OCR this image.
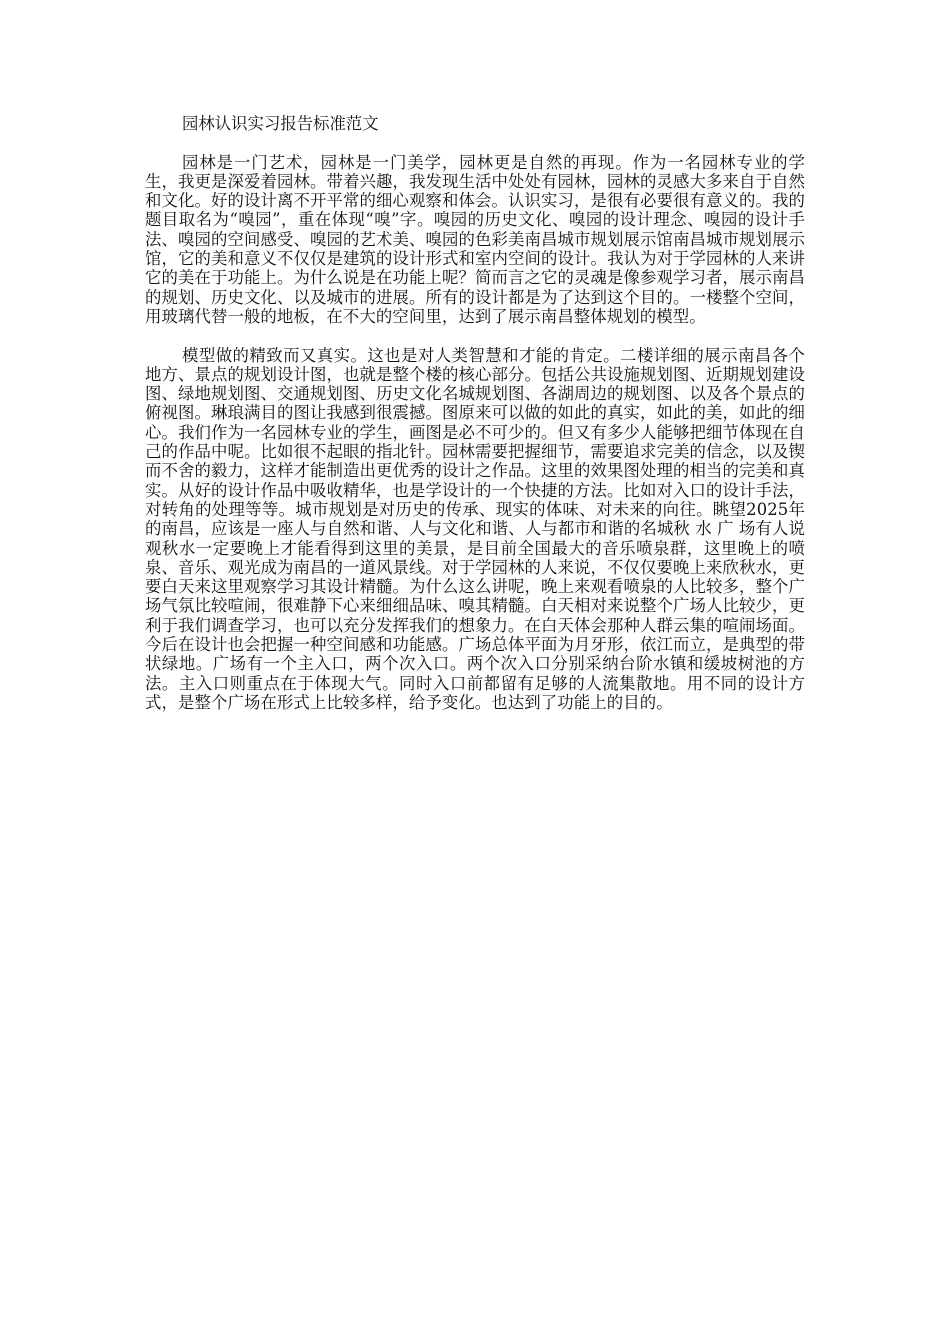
园林认识实习报告标准范文

园林是一门艺术，园林是一门美学，园林更是自然的再现。作为一名园林专业的学生，我更是深爱着园林。带着兴趣，我发现生活中处处有园林，园林的灵感大多来自于自然和文化。好的设计离不开平常的细心观察和体会。认识实习，是很有必要很有意义的。我的题目取名为“嗅园”，重在体现“嗅”字。嗅园的历史文化、嗅园的设计理念、嗅园的设计手法、嗅园的空间感受、嗅园的艺术美、嗅园的色彩美南昌城市规划展示馆南昌城市规划展示馆，它的美和意义不仅仅是建筑的设计形式和室内空间的设计。我认为对于学园林的人来讲它的美在于功能上。为什么说是在功能上呢？简而言之它的灵魂是像参观学习者，展示南昌的规划、历史文化、以及城市的进展。所有的设计都是为了达到这个目的。一楼整个空间，用玻璃代替一般的地板，在不大的空间里，达到了展示南昌整体规划的模型。

模型做的精致而又真实。这也是对人类智慧和才能的肯定。二楼详细的展示南昌各个地方、景点的规划设计图，也就是整个楼的核心部分。包括公共设施规划图、近期规划建设图、绿地规划图、交通规划图、历史文化名城规划图、各湖周边的规划图、以及各个景点的俯视图。琳琅满目的图让我感到很震撼。图原来可以做的如此的真实，如此的美，如此的细心。我们作为一名园林专业的学生，画图是必不可少的。但又有多少人能够把细节体现在自己的作品中呢。比如很不起眼的指北针。园林需要把握细节，需要追求完美的信念，以及锲而不舍的毅力，这样才能制造出更优秀的设计之作品。这里的效果图处理的相当的完美和真实。从好的设计作品中吸收精华，也是学设计的一个快捷的方法。比如对入口的设计手法，对转角的处理等等。城市规划是对历史的传承、现实的体味、对未来的向往。眺望2025年的南昌，应该是一座人与自然和谐、人与文化和谐、人与都市和谐的名城秋 水 广 场有人说观秋水一定要晚上才能看得到这里的美景，是目前全国最大的音乐喷泉群，这里晚上的喷泉、音乐、观光成为南昌的一道风景线。对于学园林的人来说，不仅仅要晚上来欣秋水，更要白天来这里观察学习其设计精髓。为什么这么讲呢，晚上来观看喷泉的人比较多，整个广场气氛比较喧闹，很难静下心来细细品味、嗅其精髓。白天相对来说整个广场人比较少，更利于我们调查学习，也可以充分发挥我们的想象力。在白天体会那种人群云集的喧闹场面。今后在设计也会把握一种空间感和功能感。广场总体平面为月牙形，依江而立，是典型的带状绿地。广场有一个主入口，两个次入口。两个次入口分别采纳台阶水镇和缓坡树池的方法。主入口则重点在于体现大气。同时入口前都留有足够的人流集散地。用不同的设计方式，是整个广场在形式上比较多样，给予变化。也达到了功能上的目的。
